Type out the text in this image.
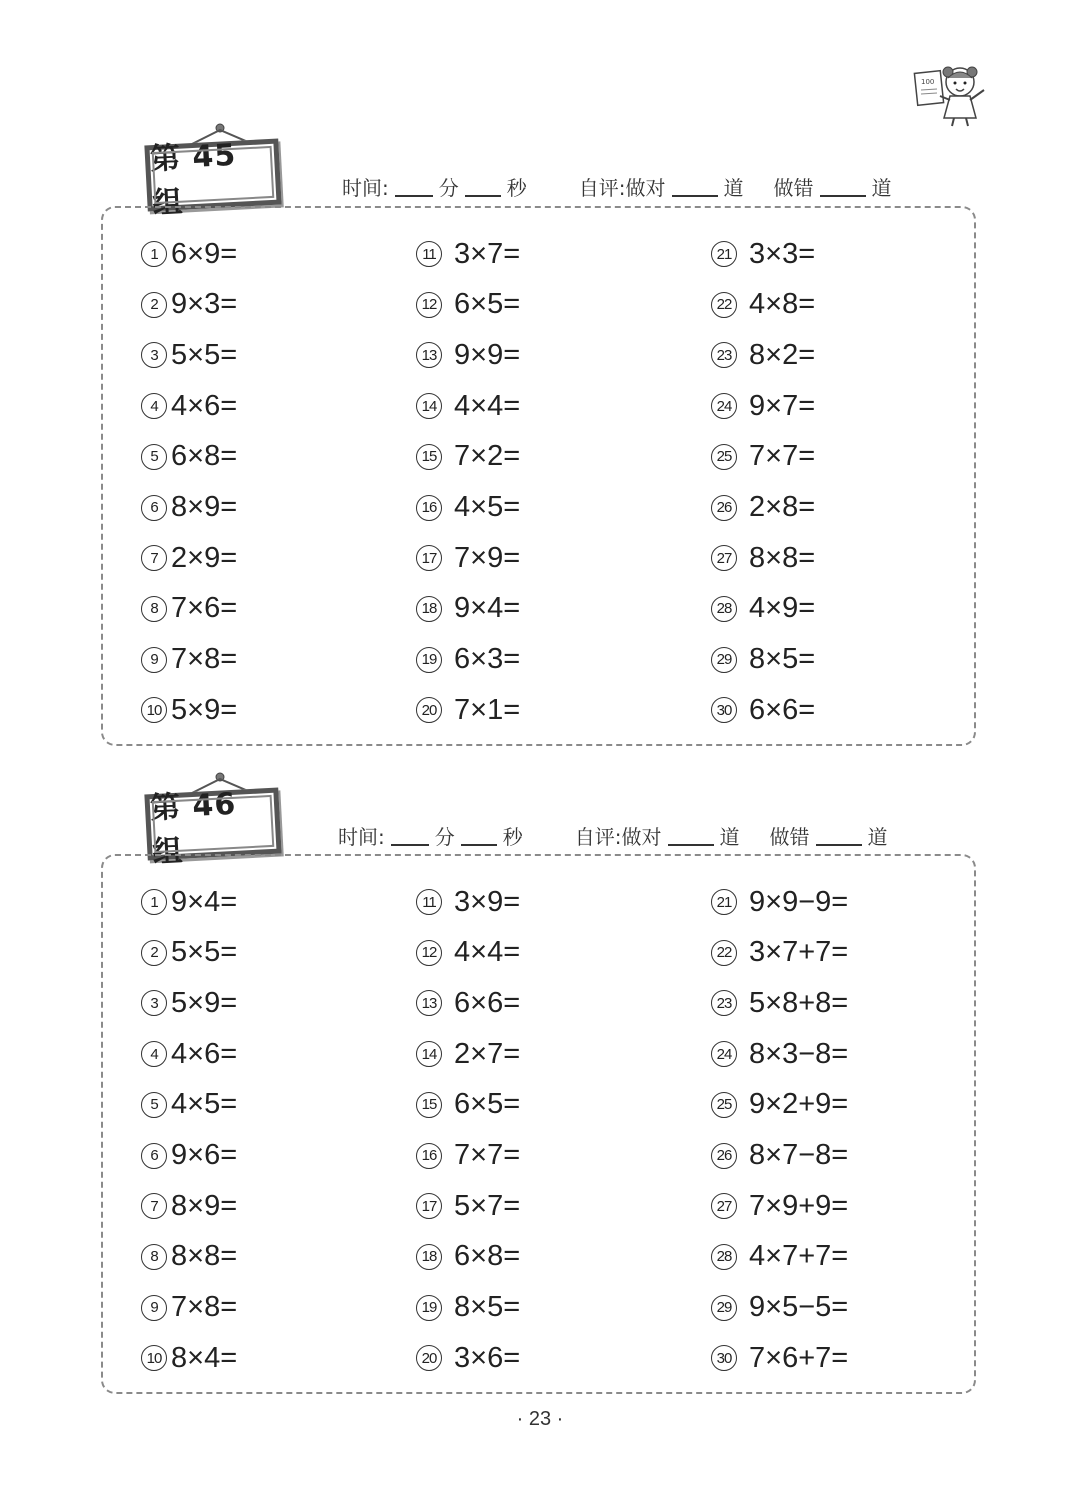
100
第 45 组	时间:	分 秒	自评:做对	道 做错	道
1 6×9=
2 9×3=
3 5×5=
4 4×6=
5 6×8=
6 8×9=
7 2×9=
8 7×6=
9 7×8=
10 5×9=
11 3×7=
12 6×5=
13 9×9=
14 4×4=
15 7×2=
16 4×5=
17 7×9=
18 9×4=
19 6×3=
20 7×1=
21 3×3=
22 4×8=
23 8×2=
24 9×7=
25 7×7=
26 2×8=
27 8×8=
28 4×9=
29 8×5=
30 6×6=
第 46 组	时间:	分 秒	自评:做对	道 做错	道
1 9×4=
2 5×5=
3 5×9=
4 4×6=
5 4×5=
6 9×6=
7 8×9=
8 8×8=
9 7×8=
10 8×4=
11 3×9=
12 4×4=
13 6×6=
14 2×7=
15 6×5=
16 7×7=
17 5×7=
18 6×8=
19 8×5=
20 3×6=
21 9×9−9=
22 3×7+7=
23 5×8+8=
24 8×3−8=
25 9×2+9=
26 8×7−8=
27 7×9+9=
28 4×7+7=
29 9×5−5=
30 7×6+7=
· 23 ·
